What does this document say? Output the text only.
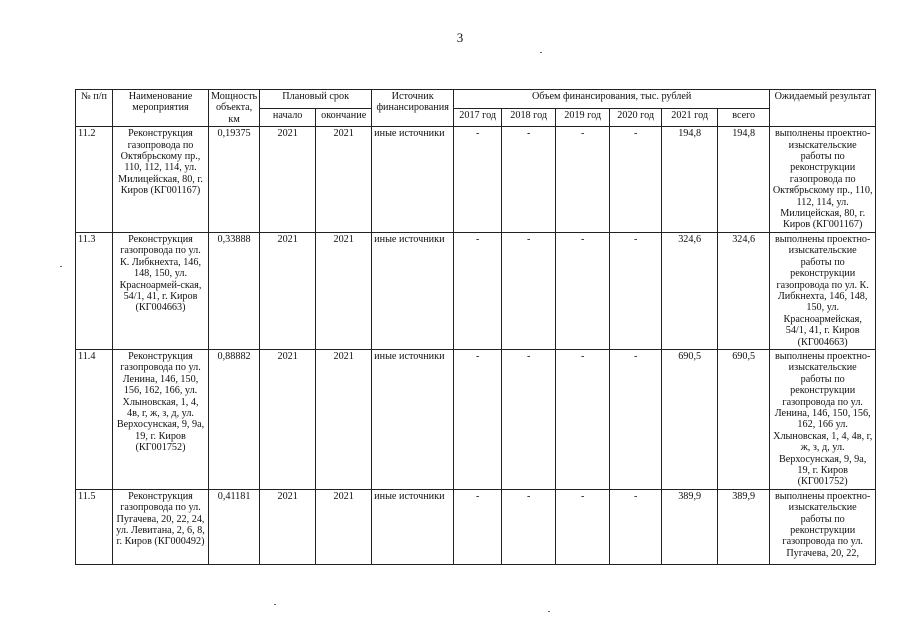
3
№ п/п	Наименование мероприятия	Мощность объекта, км	Плановый срок		Источник финансирования	Объем финансирования, тыс. рублей						Ожидаемый результат
			начало	окончание		2017 год	2018 год	2019 год	2020 год	2021 год	всего	
11.2	Реконструкция газопровода по Октябрьскому пр., 110, 112, 114, ул. Милицейская, 80, г. Киров (КГ001167)	0,19375	2021	2021	иные источники	-	-	-	-	194,8	194,8	выполнены проектно-изыскательские работы по реконструкции газопровода по Октябрьскому пр., 110, 112, 114, ул. Милицейская, 80, г. Киров (КГ001167)
11.3	Реконструкция газопровода по ул. К. Либкнехта, 146, 148, 150, ул. Красноармей-ская, 54/1, 41, г. Киров (КГ004663)	0,33888	2021	2021	иные источники	-	-	-	-	324,6	324,6	выполнены проектно-изыскательские работы по реконструкции газопровода по ул. К. Либкнехта, 146, 148, 150, ул. Красноармейская, 54/1, 41, г. Киров (КГ004663)
11.4	Реконструкция газопровода по ул. Ленина, 146, 150, 156, 162, 166, ул. Хлыновская, 1, 4, 4в, г, ж, з, д, ул. Верхосунская, 9, 9а, 19, г. Киров (КГ001752)	0,88882	2021	2021	иные источники	-	-	-	-	690,5	690,5	выполнены проектно-изыскательские работы по реконструкции газопровода по ул. Ленина, 146, 150, 156, 162, 166 ул. Хлыновская, 1, 4, 4в, г, ж, з, д, ул. Верхосунская, 9, 9а, 19, г. Киров (КГ001752)
11.5	Реконструкция газопровода по ул. Пугачева, 20, 22, 24, ул. Левитана, 2, 6, 8, г. Киров (КГ000492)	0,41181	2021	2021	иные источники	-	-	-	-	389,9	389,9	выполнены проектно-изыскательские работы по реконструкции газопровода по ул. Пугачева, 20, 22,
